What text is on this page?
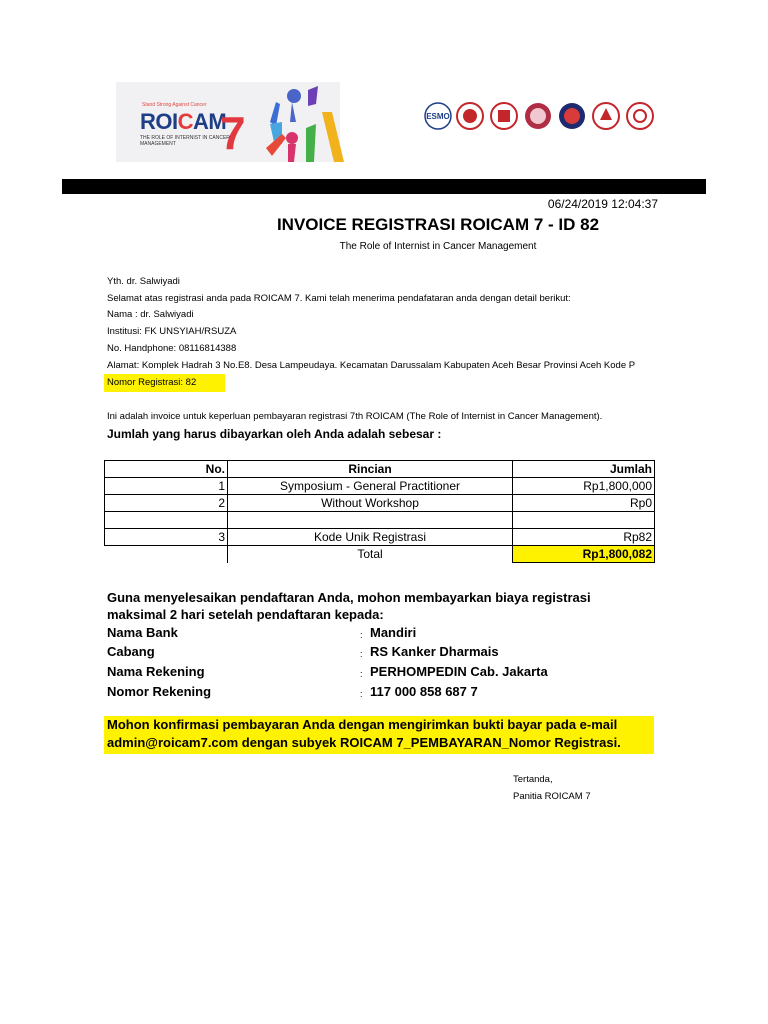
Stand Strong Against Cancer
ROICAM
THE ROLE OF INTERNIST IN CANCER MANAGEMENT 7	ESMO
06/24/2019 12:04:37
INVOICE REGISTRASI ROICAM 7 - ID 82
The Role of Internist in Cancer Management
Yth. dr. Salwiyadi
Selamat atas registrasi anda pada ROICAM 7. Kami telah menerima pendafataran anda dengan detail berikut:
Nama : dr. Salwiyadi
Institusi: FK UNSYIAH/RSUZA
No. Handphone: 08116814388
Alamat: Komplek Hadrah 3 No.E8. Desa Lampeudaya. Kecamatan Darussalam Kabupaten Aceh Besar Provinsi Aceh Kode P
Nomor Registrasi: 82
Ini adalah invoice untuk keperluan pembayaran registrasi 7th ROICAM (The Role of Internist in Cancer Management).
Jumlah yang harus dibayarkan oleh Anda adalah sebesar :
No.	Rincian	Jumlah
1	Symposium - General Practitioner	Rp1,800,000
2	Without Workshop	Rp0

3	Kode Unik Registrasi	Rp82
	Total	Rp1,800,082
Guna menyelesaikan pendaftaran Anda, mohon membayarkan biaya registrasi maksimal 2 hari setelah pendaftaran kepada:
Nama Bank	: Mandiri
Cabang	: RS Kanker Dharmais
Nama Rekening	: PERHOMPEDIN Cab. Jakarta
Nomor Rekening	: 117 000 858 687 7
Mohon konfirmasi pembayaran Anda dengan mengirimkan bukti bayar pada e-mail
admin@roicam7.com dengan subyek ROICAM 7_PEMBAYARAN_Nomor Registrasi.
Tertanda,
Panitia ROICAM 7
